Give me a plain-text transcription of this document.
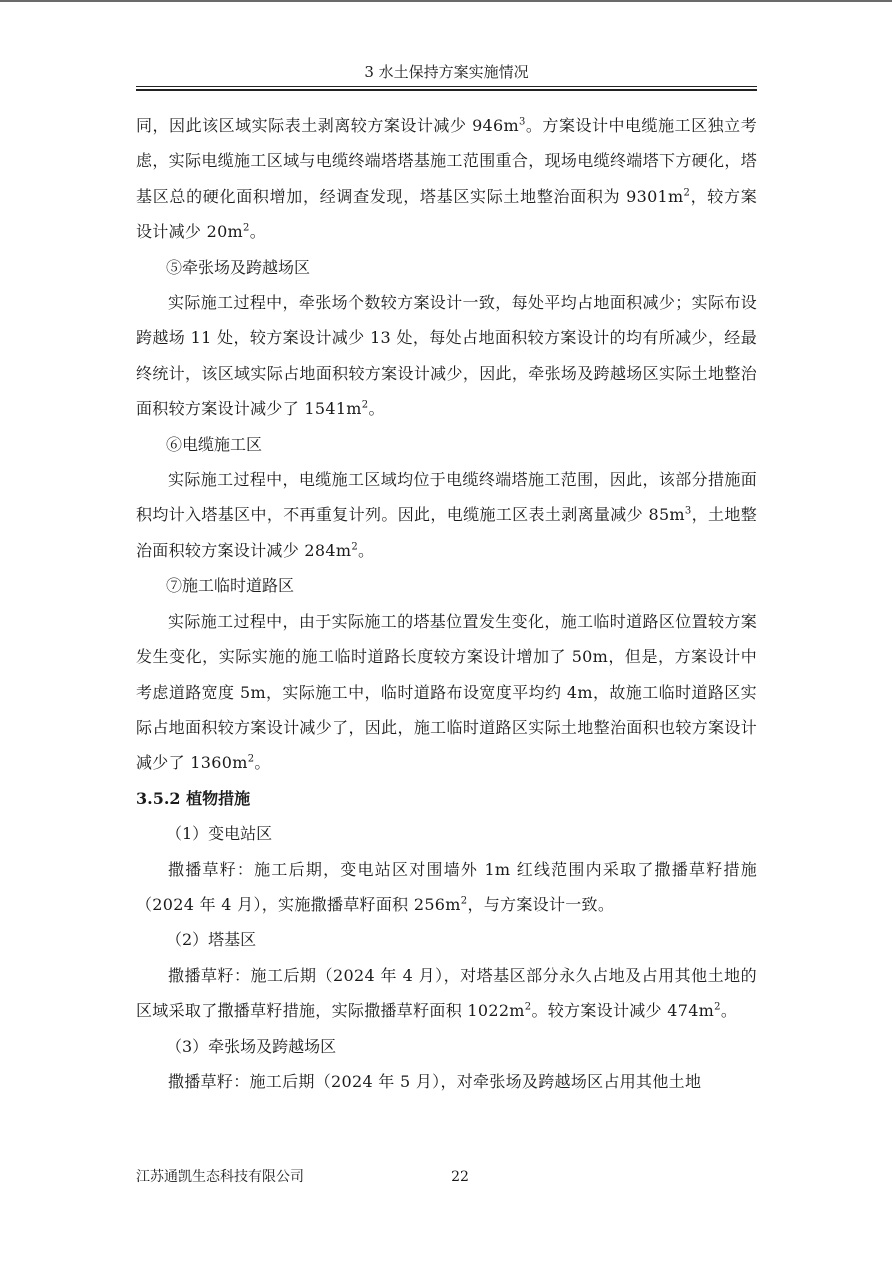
3 水土保持方案实施情况

同，因此该区域实际表土剥离较方案设计减少 $946m^3$。方案设计中电缆施工区独立考虑，实际电缆施工区域与电缆终端塔塔基施工范围重合，现场电缆终端塔下方硬化，塔基区总的硬化面积增加，经调查发现，塔基区实际土地整治面积为 $9301m^2$，较方案设计减少 $20m^2$。

⑤牵张场及跨越场区

实际施工过程中，牵张场个数较方案设计一致，每处平均占地面积减少；实际布设跨越场 11 处，较方案设计减少 13 处，每处占地面积较方案设计的均有所减少，经最终统计，该区域实际占地面积较方案设计减少，因此，牵张场及跨越场区实际土地整治面积较方案设计减少了 $1541m^2$。

⑥电缆施工区

实际施工过程中，电缆施工区域均位于电缆终端塔施工范围，因此，该部分措施面积均计入塔基区中，不再重复计列。因此，电缆施工区表土剥离量减少 $85m^3$，土地整治面积较方案设计减少 $284m^2$。

⑦施工临时道路区

实际施工过程中，由于实际施工的塔基位置发生变化，施工临时道路区位置较方案发生变化，实际实施的施工临时道路长度较方案设计增加了 50m，但是，方案设计中考虑道路宽度 5m，实际施工中，临时道路布设宽度平均约 4m，故施工临时道路区实际占地面积较方案设计减少了，因此，施工临时道路区实际土地整治面积也较方案设计减少了 $1360m^2$。

3.5.2 植物措施

（1）变电站区

撒播草籽：施工后期，变电站区对围墙外 1m 红线范围内采取了撒播草籽措施（2024 年 4 月），实施撒播草籽面积 $256m^2$，与方案设计一致。

（2）塔基区

撒播草籽：施工后期（2024 年 4 月），对塔基区部分永久占地及占用其他土地的区域采取了撒播草籽措施，实际撒播草籽面积 $1022m^2$。较方案设计减少 $474m^2$。

（3）牵张场及跨越场区

撒播草籽：施工后期（2024 年 5 月），对牵张场及跨越场区占用其他土地

江苏通凯生态科技有限公司	22
